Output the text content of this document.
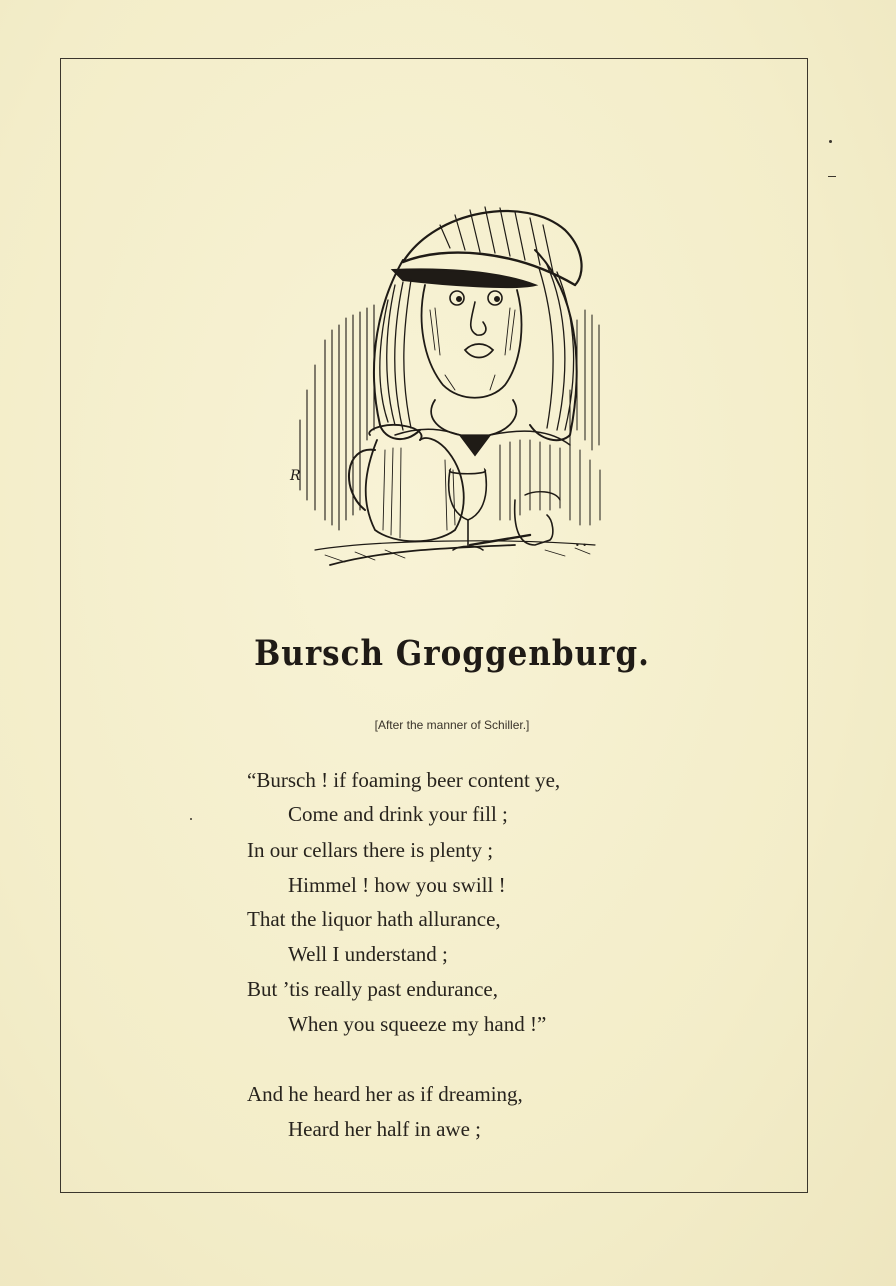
R
• •
Bursch Groggenburg.
[After the manner of Schiller.]
“Bursch ! if foaming beer content ye,
Come and drink your fill ;
In our cellars there is plenty ;
Himmel ! how you swill !
That the liquor hath allurance,
Well I understand ;
But ’tis really past endurance,
When you squeeze my hand !”
And he heard her as if dreaming,
Heard her half in awe ;
